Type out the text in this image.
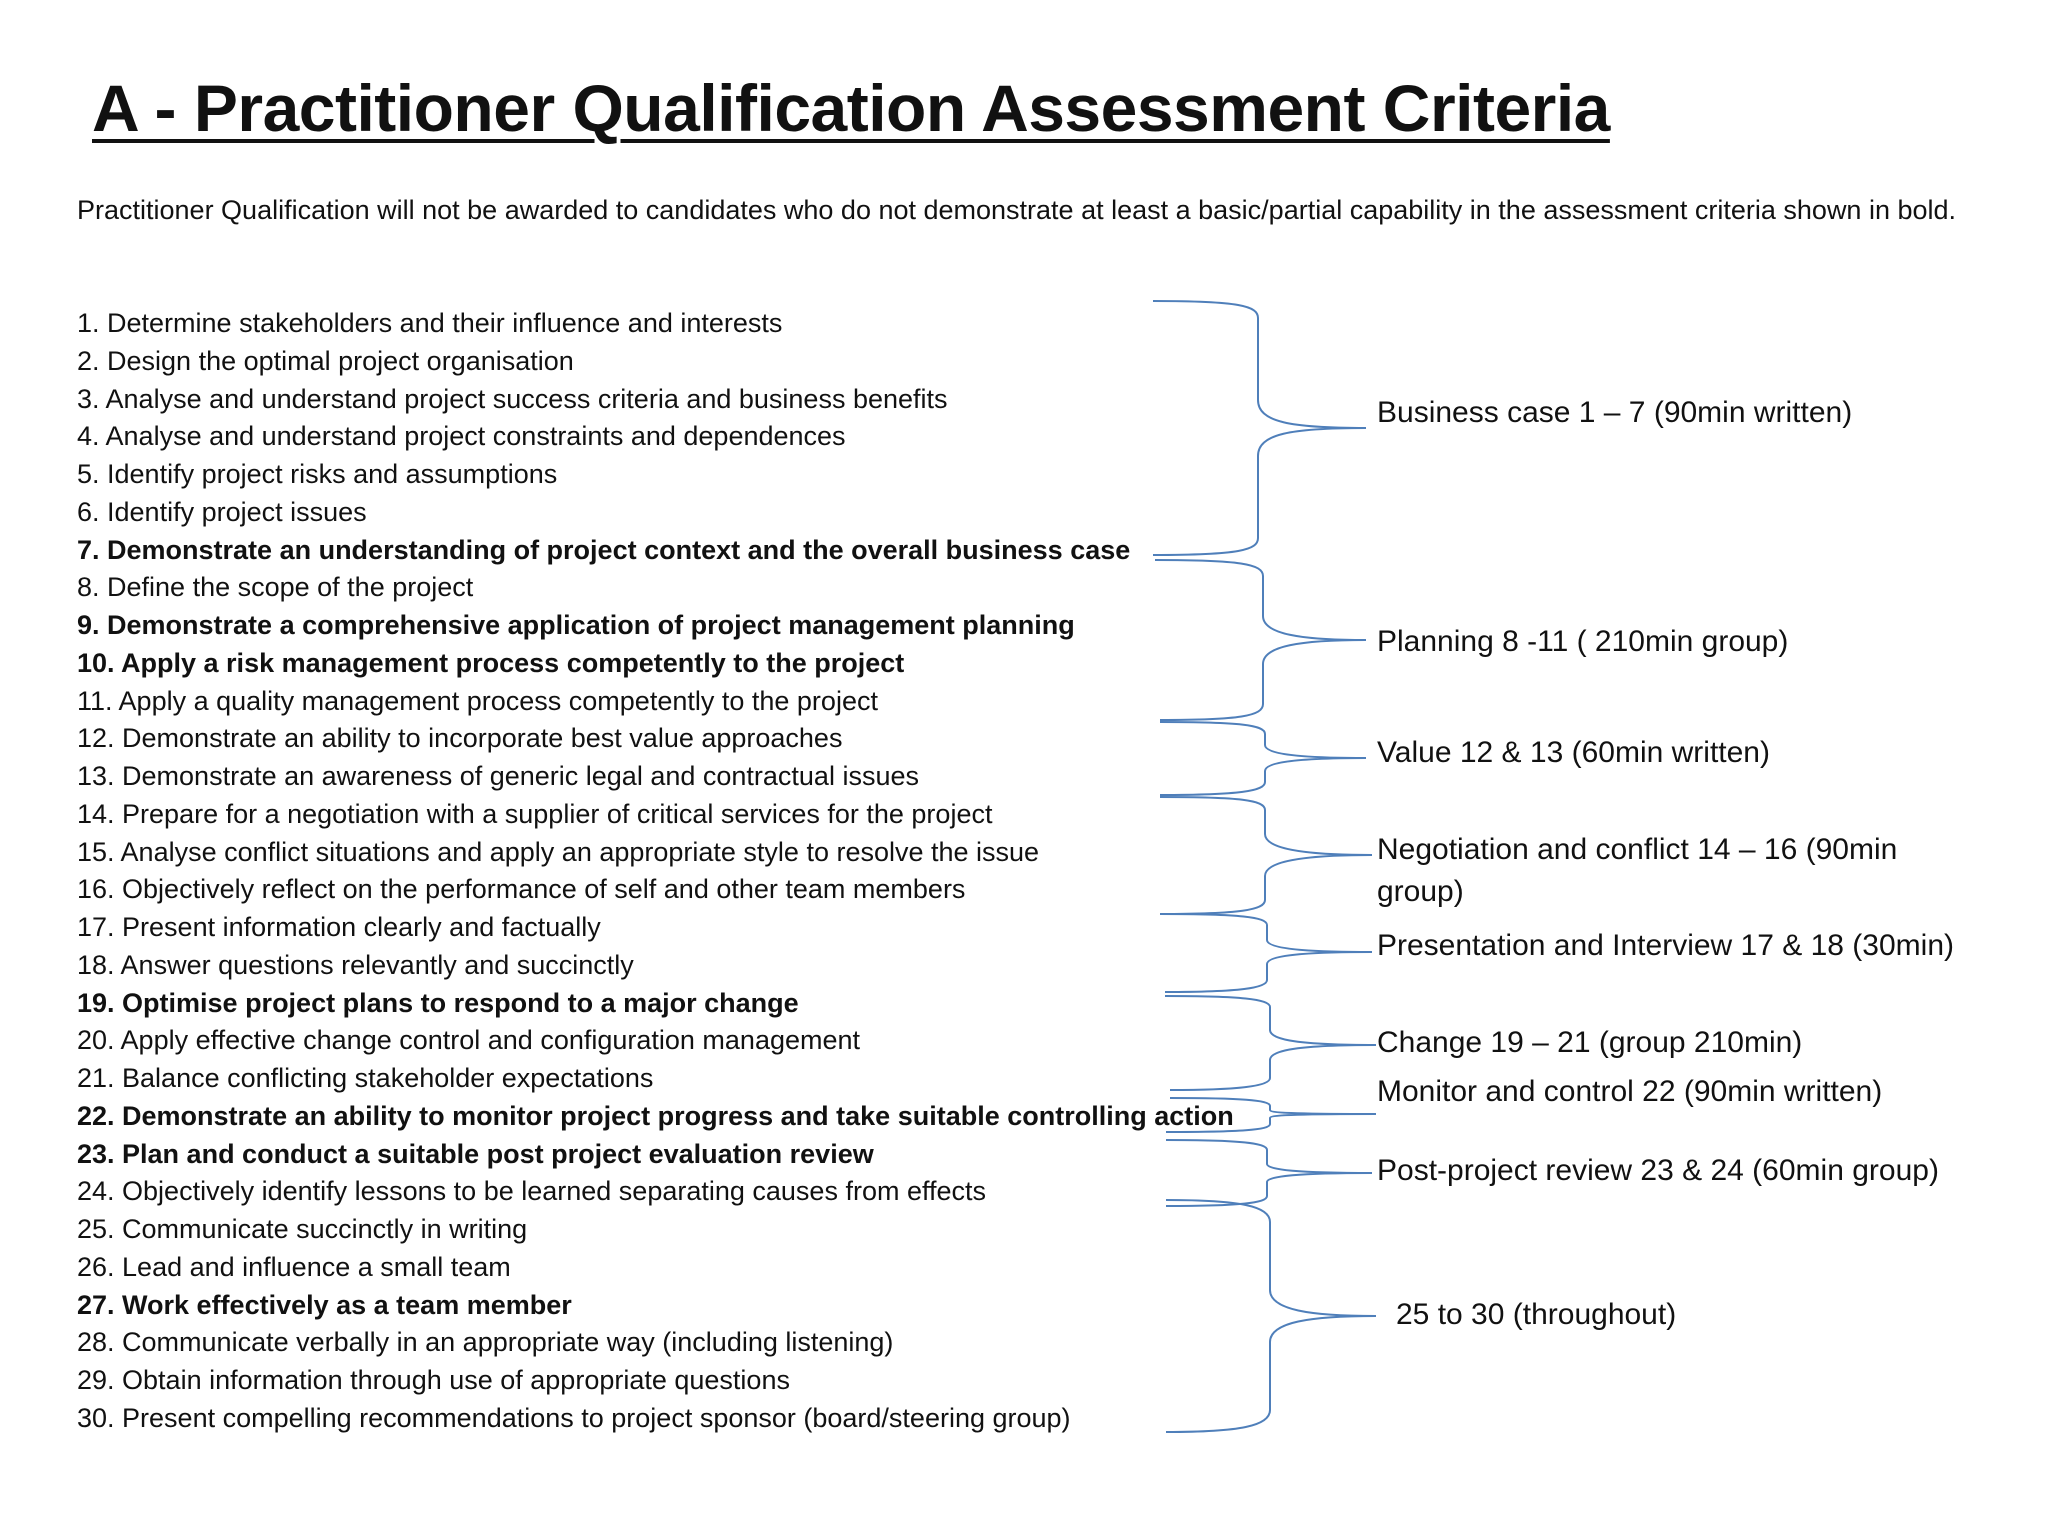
A - Practitioner Qualification Assessment Criteria

Practitioner Qualification will not be awarded to candidates who do not demonstrate at least a basic/partial capability in the assessment criteria shown in bold.

1. Determine stakeholders and their influence and interests
2. Design the optimal project organisation
3. Analyse and understand project success criteria and business benefits
4. Analyse and understand project constraints and dependences
5. Identify project risks and assumptions
6. Identify project issues
7. Demonstrate an understanding of project context and the overall business case
8. Define the scope of the project
9. Demonstrate a comprehensive application of project management planning
10. Apply a risk management process competently to the project
11. Apply a quality management process competently to the project
12. Demonstrate an ability to incorporate best value approaches
13. Demonstrate an awareness of generic legal and contractual issues
14. Prepare for a negotiation with a supplier of critical services for the project
15. Analyse conflict situations and apply an appropriate style to resolve the issue
16. Objectively reflect on the performance of self and other team members
17. Present information clearly and factually
18. Answer questions relevantly and succinctly
19. Optimise project plans to respond to a major change
20. Apply effective change control and configuration management
21. Balance conflicting stakeholder expectations
22. Demonstrate an ability to monitor project progress and take suitable controlling action
23. Plan and conduct a suitable post project evaluation review
24. Objectively identify lessons to be learned separating causes from effects
25. Communicate succinctly in writing
26. Lead and influence a small team
27. Work effectively as a team member
28. Communicate verbally in an appropriate way (including listening)
29. Obtain information through use of appropriate questions
30. Present compelling recommendations to project sponsor (board/steering group)
Business case 1 – 7 (90min written)
Planning 8 -11 ( 210min group)
Value 12 & 13 (60min written)
Negotiation and conflict 14 – 16 (90min
group)
Presentation and Interview 17 & 18 (30min)
Change 19 – 21 (group 210min)
Monitor and control 22 (90min written)
Post-project review 23 & 24 (60min group)
25 to 30 (throughout)
